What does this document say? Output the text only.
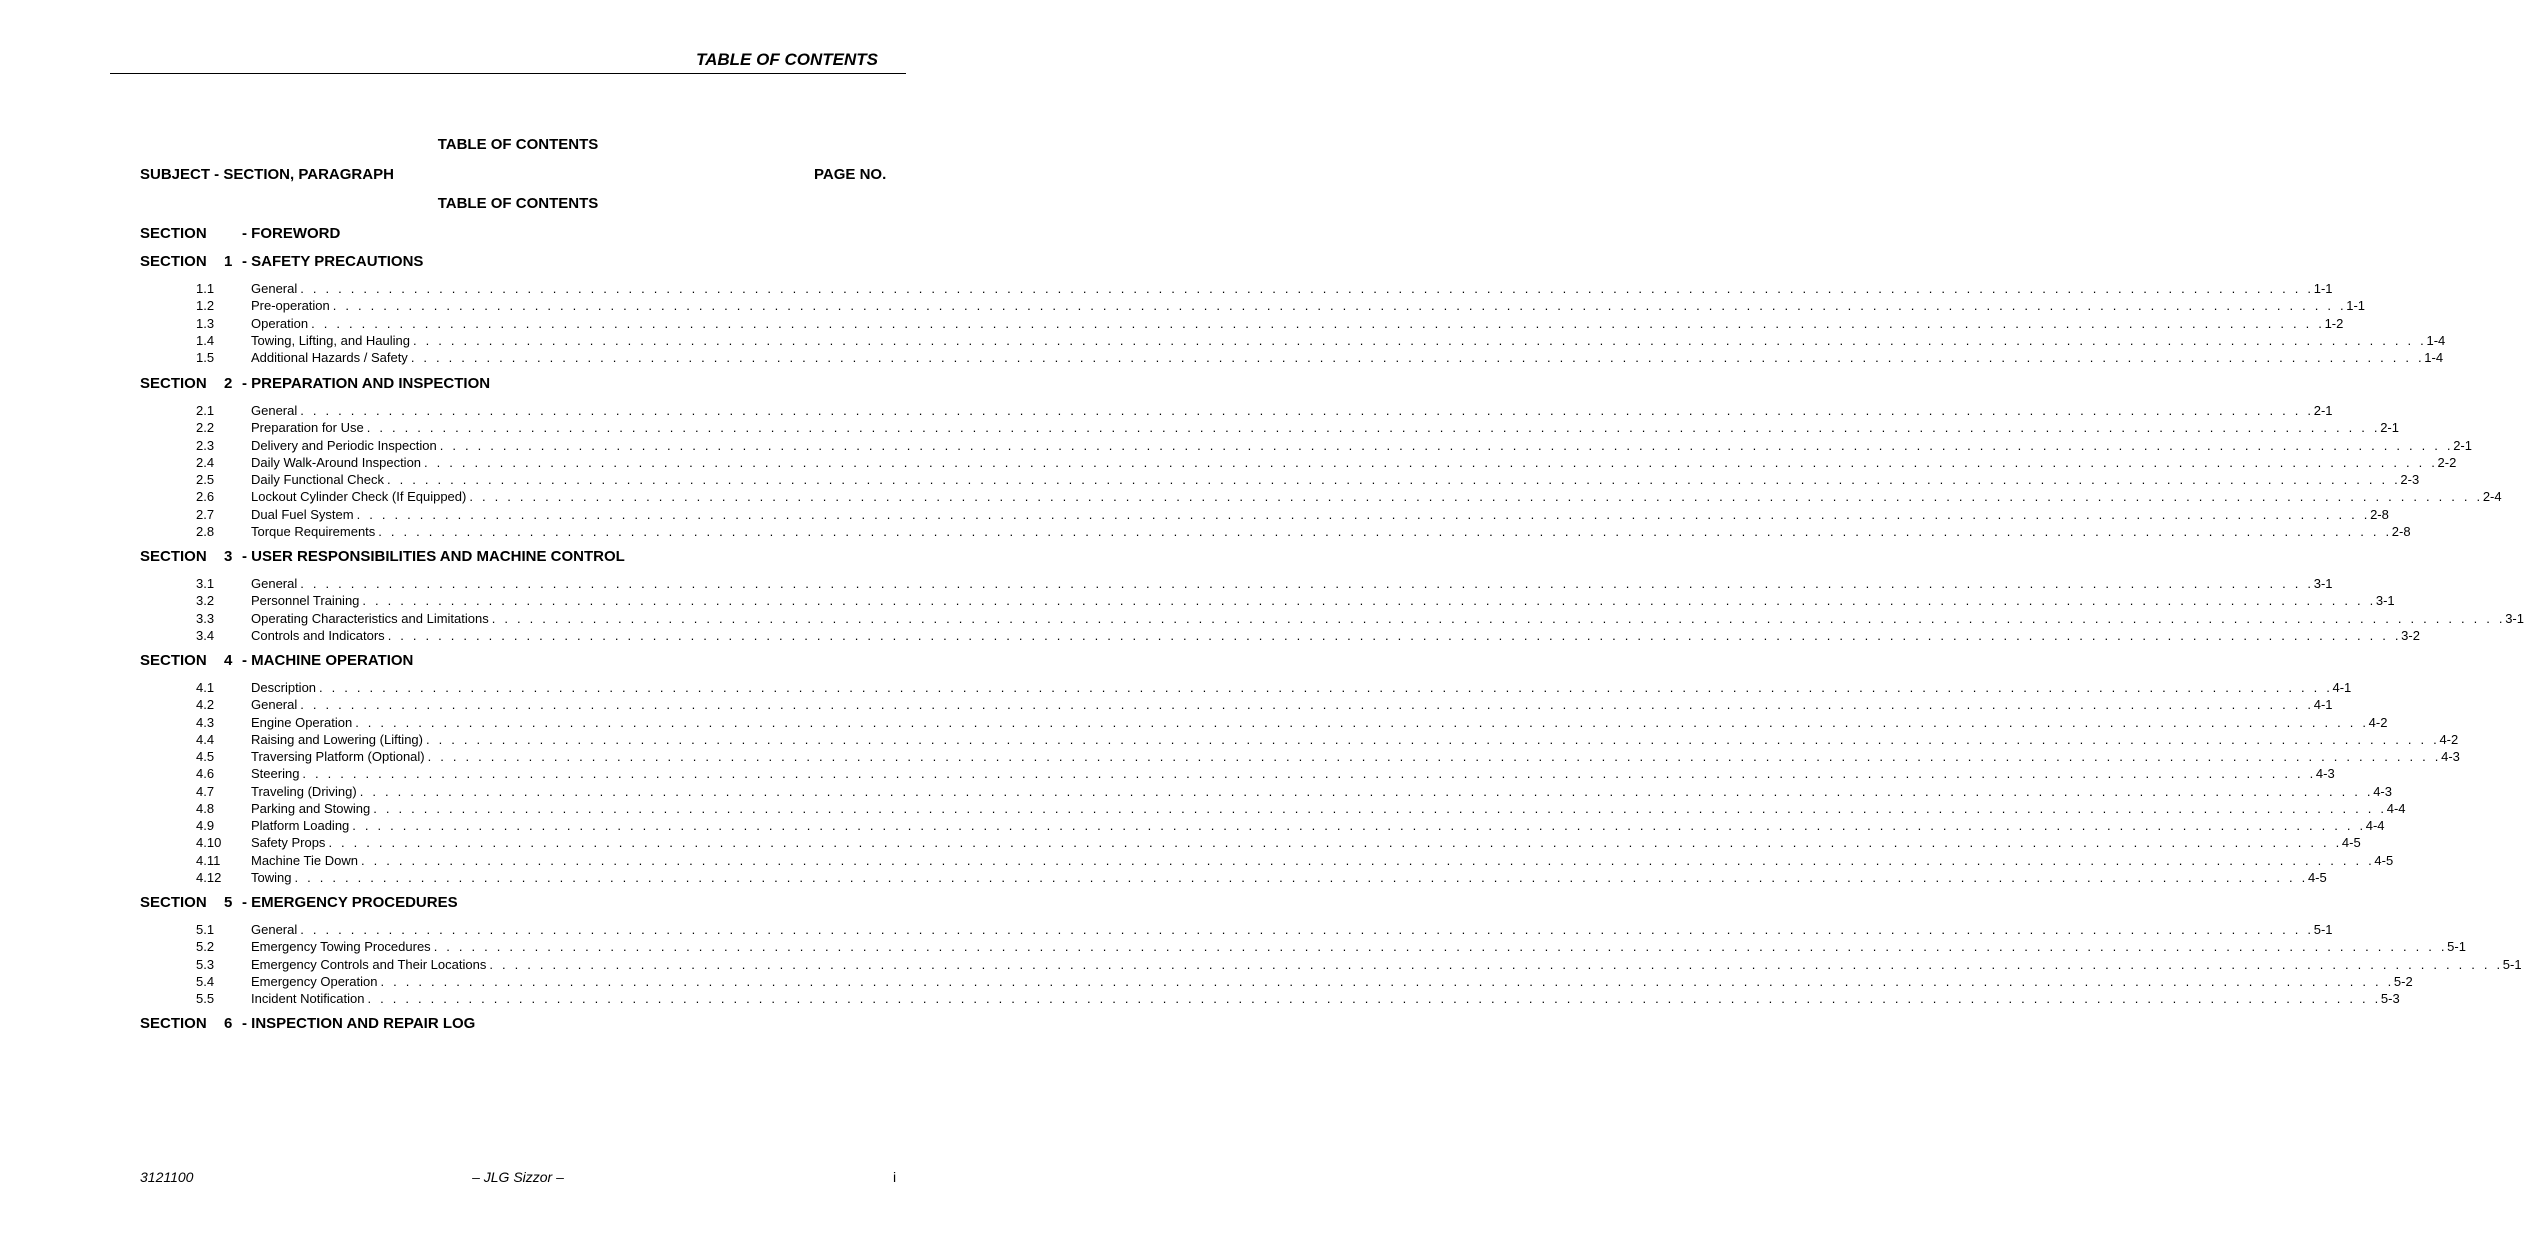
TABLE OF CONTENTS
TABLE OF CONTENTS
SUBJECT - SECTION, PARAGRAPH	PAGE NO.
TABLE OF CONTENTS
SECTION - FOREWORD
SECTION 1 - SAFETY PRECAUTIONS
1.1	General . . . . . . . . . . . . . . . . . . . . . . . . . . . . . . . . . . . . . . . . . . . . . . . . . . . . . . . . . . . . . . . . . . . . . . . . . . . . . . . . . . . . . . . . . . . . . . . . . . . . . . . . . . . . . . . . . . . . . . . . . . . . . . . . . . . . . . . . . . . . . . . . . . . . . . . . . . . . . . . . 1-1
1.2	Pre-operation . . . . . . . . . . . . . . . . . . . . . . . . . . . . . . . . . . . . . . . . . . . . . . . . . . . . . . . . . . . . . . . . . . . . . . . . . . . . . . . . . . . . . . . . . . . . . . . . . . . . . . . . . . . . . . . . . . . . . . . . . . . . . . . . . . . . . . . . . . . . . . . . . . . . . . . . . . . . . . . . 1-1
1.3	Operation . . . . . . . . . . . . . . . . . . . . . . . . . . . . . . . . . . . . . . . . . . . . . . . . . . . . . . . . . . . . . . . . . . . . . . . . . . . . . . . . . . . . . . . . . . . . . . . . . . . . . . . . . . . . . . . . . . . . . . . . . . . . . . . . . . . . . . . . . . . . . . . . . . . . . . . . . . . . . . . . 1-2
1.4	Towing, Lifting, and Hauling . . . . . . . . . . . . . . . . . . . . . . . . . . . . . . . . . . . . . . . . . . . . . . . . . . . . . . . . . . . . . . . . . . . . . . . . . . . . . . . . . . . . . . . . . . . . . . . . . . . . . . . . . . . . . . . . . . . . . . . . . . . . . . . . . . . . . . . . . . . . . . . . . . . . . . . . . . . . . . . . 1-4
1.5	Additional Hazards / Safety . . . . . . . . . . . . . . . . . . . . . . . . . . . . . . . . . . . . . . . . . . . . . . . . . . . . . . . . . . . . . . . . . . . . . . . . . . . . . . . . . . . . . . . . . . . . . . . . . . . . . . . . . . . . . . . . . . . . . . . . . . . . . . . . . . . . . . . . . . . . . . . . . . . . . . . . . . . . . . . . 1-4
SECTION 2 - PREPARATION AND INSPECTION
2.1	General . . . . . . . . . . . . . . . . . . . . . . . . . . . . . . . . . . . . . . . . . . . . . . . . . . . . . . . . . . . . . . . . . . . . . . . . . . . . . . . . . . . . . . . . . . . . . . . . . . . . . . . . . . . . . . . . . . . . . . . . . . . . . . . . . . . . . . . . . . . . . . . . . . . . . . . . . . . . . . . . 2-1
2.2	Preparation for Use . . . . . . . . . . . . . . . . . . . . . . . . . . . . . . . . . . . . . . . . . . . . . . . . . . . . . . . . . . . . . . . . . . . . . . . . . . . . . . . . . . . . . . . . . . . . . . . . . . . . . . . . . . . . . . . . . . . . . . . . . . . . . . . . . . . . . . . . . . . . . . . . . . . . . . . . . . . . . . . . 2-1
2.3	Delivery and Periodic Inspection . . . . . . . . . . . . . . . . . . . . . . . . . . . . . . . . . . . . . . . . . . . . . . . . . . . . . . . . . . . . . . . . . . . . . . . . . . . . . . . . . . . . . . . . . . . . . . . . . . . . . . . . . . . . . . . . . . . . . . . . . . . . . . . . . . . . . . . . . . . . . . . . . . . . . . . . . . . . . . . . 2-1
2.4	Daily Walk-Around Inspection . . . . . . . . . . . . . . . . . . . . . . . . . . . . . . . . . . . . . . . . . . . . . . . . . . . . . . . . . . . . . . . . . . . . . . . . . . . . . . . . . . . . . . . . . . . . . . . . . . . . . . . . . . . . . . . . . . . . . . . . . . . . . . . . . . . . . . . . . . . . . . . . . . . . . . . . . . . . . . . . 2-2
2.5	Daily Functional Check . . . . . . . . . . . . . . . . . . . . . . . . . . . . . . . . . . . . . . . . . . . . . . . . . . . . . . . . . . . . . . . . . . . . . . . . . . . . . . . . . . . . . . . . . . . . . . . . . . . . . . . . . . . . . . . . . . . . . . . . . . . . . . . . . . . . . . . . . . . . . . . . . . . . . . . . . . . . . . . . 2-3
2.6	Lockout Cylinder Check (If Equipped) . . . . . . . . . . . . . . . . . . . . . . . . . . . . . . . . . . . . . . . . . . . . . . . . . . . . . . . . . . . . . . . . . . . . . . . . . . . . . . . . . . . . . . . . . . . . . . . . . . . . . . . . . . . . . . . . . . . . . . . . . . . . . . . . . . . . . . . . . . . . . . . . . . . . . . . . . . . . . . . . 2-4
2.7	Dual Fuel System . . . . . . . . . . . . . . . . . . . . . . . . . . . . . . . . . . . . . . . . . . . . . . . . . . . . . . . . . . . . . . . . . . . . . . . . . . . . . . . . . . . . . . . . . . . . . . . . . . . . . . . . . . . . . . . . . . . . . . . . . . . . . . . . . . . . . . . . . . . . . . . . . . . . . . . . . . . . . . . . 2-8
2.8	Torque Requirements . . . . . . . . . . . . . . . . . . . . . . . . . . . . . . . . . . . . . . . . . . . . . . . . . . . . . . . . . . . . . . . . . . . . . . . . . . . . . . . . . . . . . . . . . . . . . . . . . . . . . . . . . . . . . . . . . . . . . . . . . . . . . . . . . . . . . . . . . . . . . . . . . . . . . . . . . . . . . . . . 2-8
SECTION 3 - USER RESPONSIBILITIES AND MACHINE CONTROL
3.1	General . . . . . . . . . . . . . . . . . . . . . . . . . . . . . . . . . . . . . . . . . . . . . . . . . . . . . . . . . . . . . . . . . . . . . . . . . . . . . . . . . . . . . . . . . . . . . . . . . . . . . . . . . . . . . . . . . . . . . . . . . . . . . . . . . . . . . . . . . . . . . . . . . . . . . . . . . . . . . . . . 3-1
3.2	Personnel Training . . . . . . . . . . . . . . . . . . . . . . . . . . . . . . . . . . . . . . . . . . . . . . . . . . . . . . . . . . . . . . . . . . . . . . . . . . . . . . . . . . . . . . . . . . . . . . . . . . . . . . . . . . . . . . . . . . . . . . . . . . . . . . . . . . . . . . . . . . . . . . . . . . . . . . . . . . . . . . . . 3-1
3.3	Operating Characteristics and Limitations . . . . . . . . . . . . . . . . . . . . . . . . . . . . . . . . . . . . . . . . . . . . . . . . . . . . . . . . . . . . . . . . . . . . . . . . . . . . . . . . . . . . . . . . . . . . . . . . . . . . . . . . . . . . . . . . . . . . . . . . . . . . . . . . . . . . . . . . . . . . . . . . . . . . . . . . . . . . . . . . 3-1
3.4	Controls and Indicators . . . . . . . . . . . . . . . . . . . . . . . . . . . . . . . . . . . . . . . . . . . . . . . . . . . . . . . . . . . . . . . . . . . . . . . . . . . . . . . . . . . . . . . . . . . . . . . . . . . . . . . . . . . . . . . . . . . . . . . . . . . . . . . . . . . . . . . . . . . . . . . . . . . . . . . . . . . . . . . . 3-2
SECTION 4 - MACHINE OPERATION
4.1	Description . . . . . . . . . . . . . . . . . . . . . . . . . . . . . . . . . . . . . . . . . . . . . . . . . . . . . . . . . . . . . . . . . . . . . . . . . . . . . . . . . . . . . . . . . . . . . . . . . . . . . . . . . . . . . . . . . . . . . . . . . . . . . . . . . . . . . . . . . . . . . . . . . . . . . . . . . . . . . . . . 4-1
4.2	General . . . . . . . . . . . . . . . . . . . . . . . . . . . . . . . . . . . . . . . . . . . . . . . . . . . . . . . . . . . . . . . . . . . . . . . . . . . . . . . . . . . . . . . . . . . . . . . . . . . . . . . . . . . . . . . . . . . . . . . . . . . . . . . . . . . . . . . . . . . . . . . . . . . . . . . . . . . . . . . . 4-1
4.3	Engine Operation . . . . . . . . . . . . . . . . . . . . . . . . . . . . . . . . . . . . . . . . . . . . . . . . . . . . . . . . . . . . . . . . . . . . . . . . . . . . . . . . . . . . . . . . . . . . . . . . . . . . . . . . . . . . . . . . . . . . . . . . . . . . . . . . . . . . . . . . . . . . . . . . . . . . . . . . . . . . . . . . 4-2
4.4	Raising and Lowering (Lifting) . . . . . . . . . . . . . . . . . . . . . . . . . . . . . . . . . . . . . . . . . . . . . . . . . . . . . . . . . . . . . . . . . . . . . . . . . . . . . . . . . . . . . . . . . . . . . . . . . . . . . . . . . . . . . . . . . . . . . . . . . . . . . . . . . . . . . . . . . . . . . . . . . . . . . . . . . . . . . . . . 4-2
4.5	Traversing Platform (Optional) . . . . . . . . . . . . . . . . . . . . . . . . . . . . . . . . . . . . . . . . . . . . . . . . . . . . . . . . . . . . . . . . . . . . . . . . . . . . . . . . . . . . . . . . . . . . . . . . . . . . . . . . . . . . . . . . . . . . . . . . . . . . . . . . . . . . . . . . . . . . . . . . . . . . . . . . . . . . . . . . 4-3
4.6	Steering . . . . . . . . . . . . . . . . . . . . . . . . . . . . . . . . . . . . . . . . . . . . . . . . . . . . . . . . . . . . . . . . . . . . . . . . . . . . . . . . . . . . . . . . . . . . . . . . . . . . . . . . . . . . . . . . . . . . . . . . . . . . . . . . . . . . . . . . . . . . . . . . . . . . . . . . . . . . . . . . 4-3
4.7	Traveling (Driving) . . . . . . . . . . . . . . . . . . . . . . . . . . . . . . . . . . . . . . . . . . . . . . . . . . . . . . . . . . . . . . . . . . . . . . . . . . . . . . . . . . . . . . . . . . . . . . . . . . . . . . . . . . . . . . . . . . . . . . . . . . . . . . . . . . . . . . . . . . . . . . . . . . . . . . . . . . . . . . . . 4-3
4.8	Parking and Stowing . . . . . . . . . . . . . . . . . . . . . . . . . . . . . . . . . . . . . . . . . . . . . . . . . . . . . . . . . . . . . . . . . . . . . . . . . . . . . . . . . . . . . . . . . . . . . . . . . . . . . . . . . . . . . . . . . . . . . . . . . . . . . . . . . . . . . . . . . . . . . . . . . . . . . . . . . . . . . . . . 4-4
4.9	Platform Loading . . . . . . . . . . . . . . . . . . . . . . . . . . . . . . . . . . . . . . . . . . . . . . . . . . . . . . . . . . . . . . . . . . . . . . . . . . . . . . . . . . . . . . . . . . . . . . . . . . . . . . . . . . . . . . . . . . . . . . . . . . . . . . . . . . . . . . . . . . . . . . . . . . . . . . . . . . . . . . . . 4-4
4.10 Safety Props . . . . . . . . . . . . . . . . . . . . . . . . . . . . . . . . . . . . . . . . . . . . . . . . . . . . . . . . . . . . . . . . . . . . . . . . . . . . . . . . . . . . . . . . . . . . . . . . . . . . . . . . . . . . . . . . . . . . . . . . . . . . . . . . . . . . . . . . . . . . . . . . . . . . . . . . . . . . . . . . 4-5
4.11 Machine Tie Down . . . . . . . . . . . . . . . . . . . . . . . . . . . . . . . . . . . . . . . . . . . . . . . . . . . . . . . . . . . . . . . . . . . . . . . . . . . . . . . . . . . . . . . . . . . . . . . . . . . . . . . . . . . . . . . . . . . . . . . . . . . . . . . . . . . . . . . . . . . . . . . . . . . . . . . . . . . . . . . . 4-5
4.12 Towing . . . . . . . . . . . . . . . . . . . . . . . . . . . . . . . . . . . . . . . . . . . . . . . . . . . . . . . . . . . . . . . . . . . . . . . . . . . . . . . . . . . . . . . . . . . . . . . . . . . . . . . . . . . . . . . . . . . . . . . . . . . . . . . . . . . . . . . . . . . . . . . . . . . . . . . . . . . . . . . . 4-5
SECTION 5 - EMERGENCY PROCEDURES
5.1	General . . . . . . . . . . . . . . . . . . . . . . . . . . . . . . . . . . . . . . . . . . . . . . . . . . . . . . . . . . . . . . . . . . . . . . . . . . . . . . . . . . . . . . . . . . . . . . . . . . . . . . . . . . . . . . . . . . . . . . . . . . . . . . . . . . . . . . . . . . . . . . . . . . . . . . . . . . . . . . . . 5-1
5.2	Emergency Towing Procedures . . . . . . . . . . . . . . . . . . . . . . . . . . . . . . . . . . . . . . . . . . . . . . . . . . . . . . . . . . . . . . . . . . . . . . . . . . . . . . . . . . . . . . . . . . . . . . . . . . . . . . . . . . . . . . . . . . . . . . . . . . . . . . . . . . . . . . . . . . . . . . . . . . . . . . . . . . . . . . . . 5-1
5.3	Emergency Controls and Their Locations . . . . . . . . . . . . . . . . . . . . . . . . . . . . . . . . . . . . . . . . . . . . . . . . . . . . . . . . . . . . . . . . . . . . . . . . . . . . . . . . . . . . . . . . . . . . . . . . . . . . . . . . . . . . . . . . . . . . . . . . . . . . . . . . . . . . . . . . . . . . . . . . . . . . . . . . . . . . . . . . 5-1
5.4	Emergency Operation . . . . . . . . . . . . . . . . . . . . . . . . . . . . . . . . . . . . . . . . . . . . . . . . . . . . . . . . . . . . . . . . . . . . . . . . . . . . . . . . . . . . . . . . . . . . . . . . . . . . . . . . . . . . . . . . . . . . . . . . . . . . . . . . . . . . . . . . . . . . . . . . . . . . . . . . . . . . . . . . 5-2
5.5	Incident Notification . . . . . . . . . . . . . . . . . . . . . . . . . . . . . . . . . . . . . . . . . . . . . . . . . . . . . . . . . . . . . . . . . . . . . . . . . . . . . . . . . . . . . . . . . . . . . . . . . . . . . . . . . . . . . . . . . . . . . . . . . . . . . . . . . . . . . . . . . . . . . . . . . . . . . . . . . . . . . . . . 5-3
SECTION 6 - INSPECTION AND REPAIR LOG
3121100	– JLG Sizzor –	i
